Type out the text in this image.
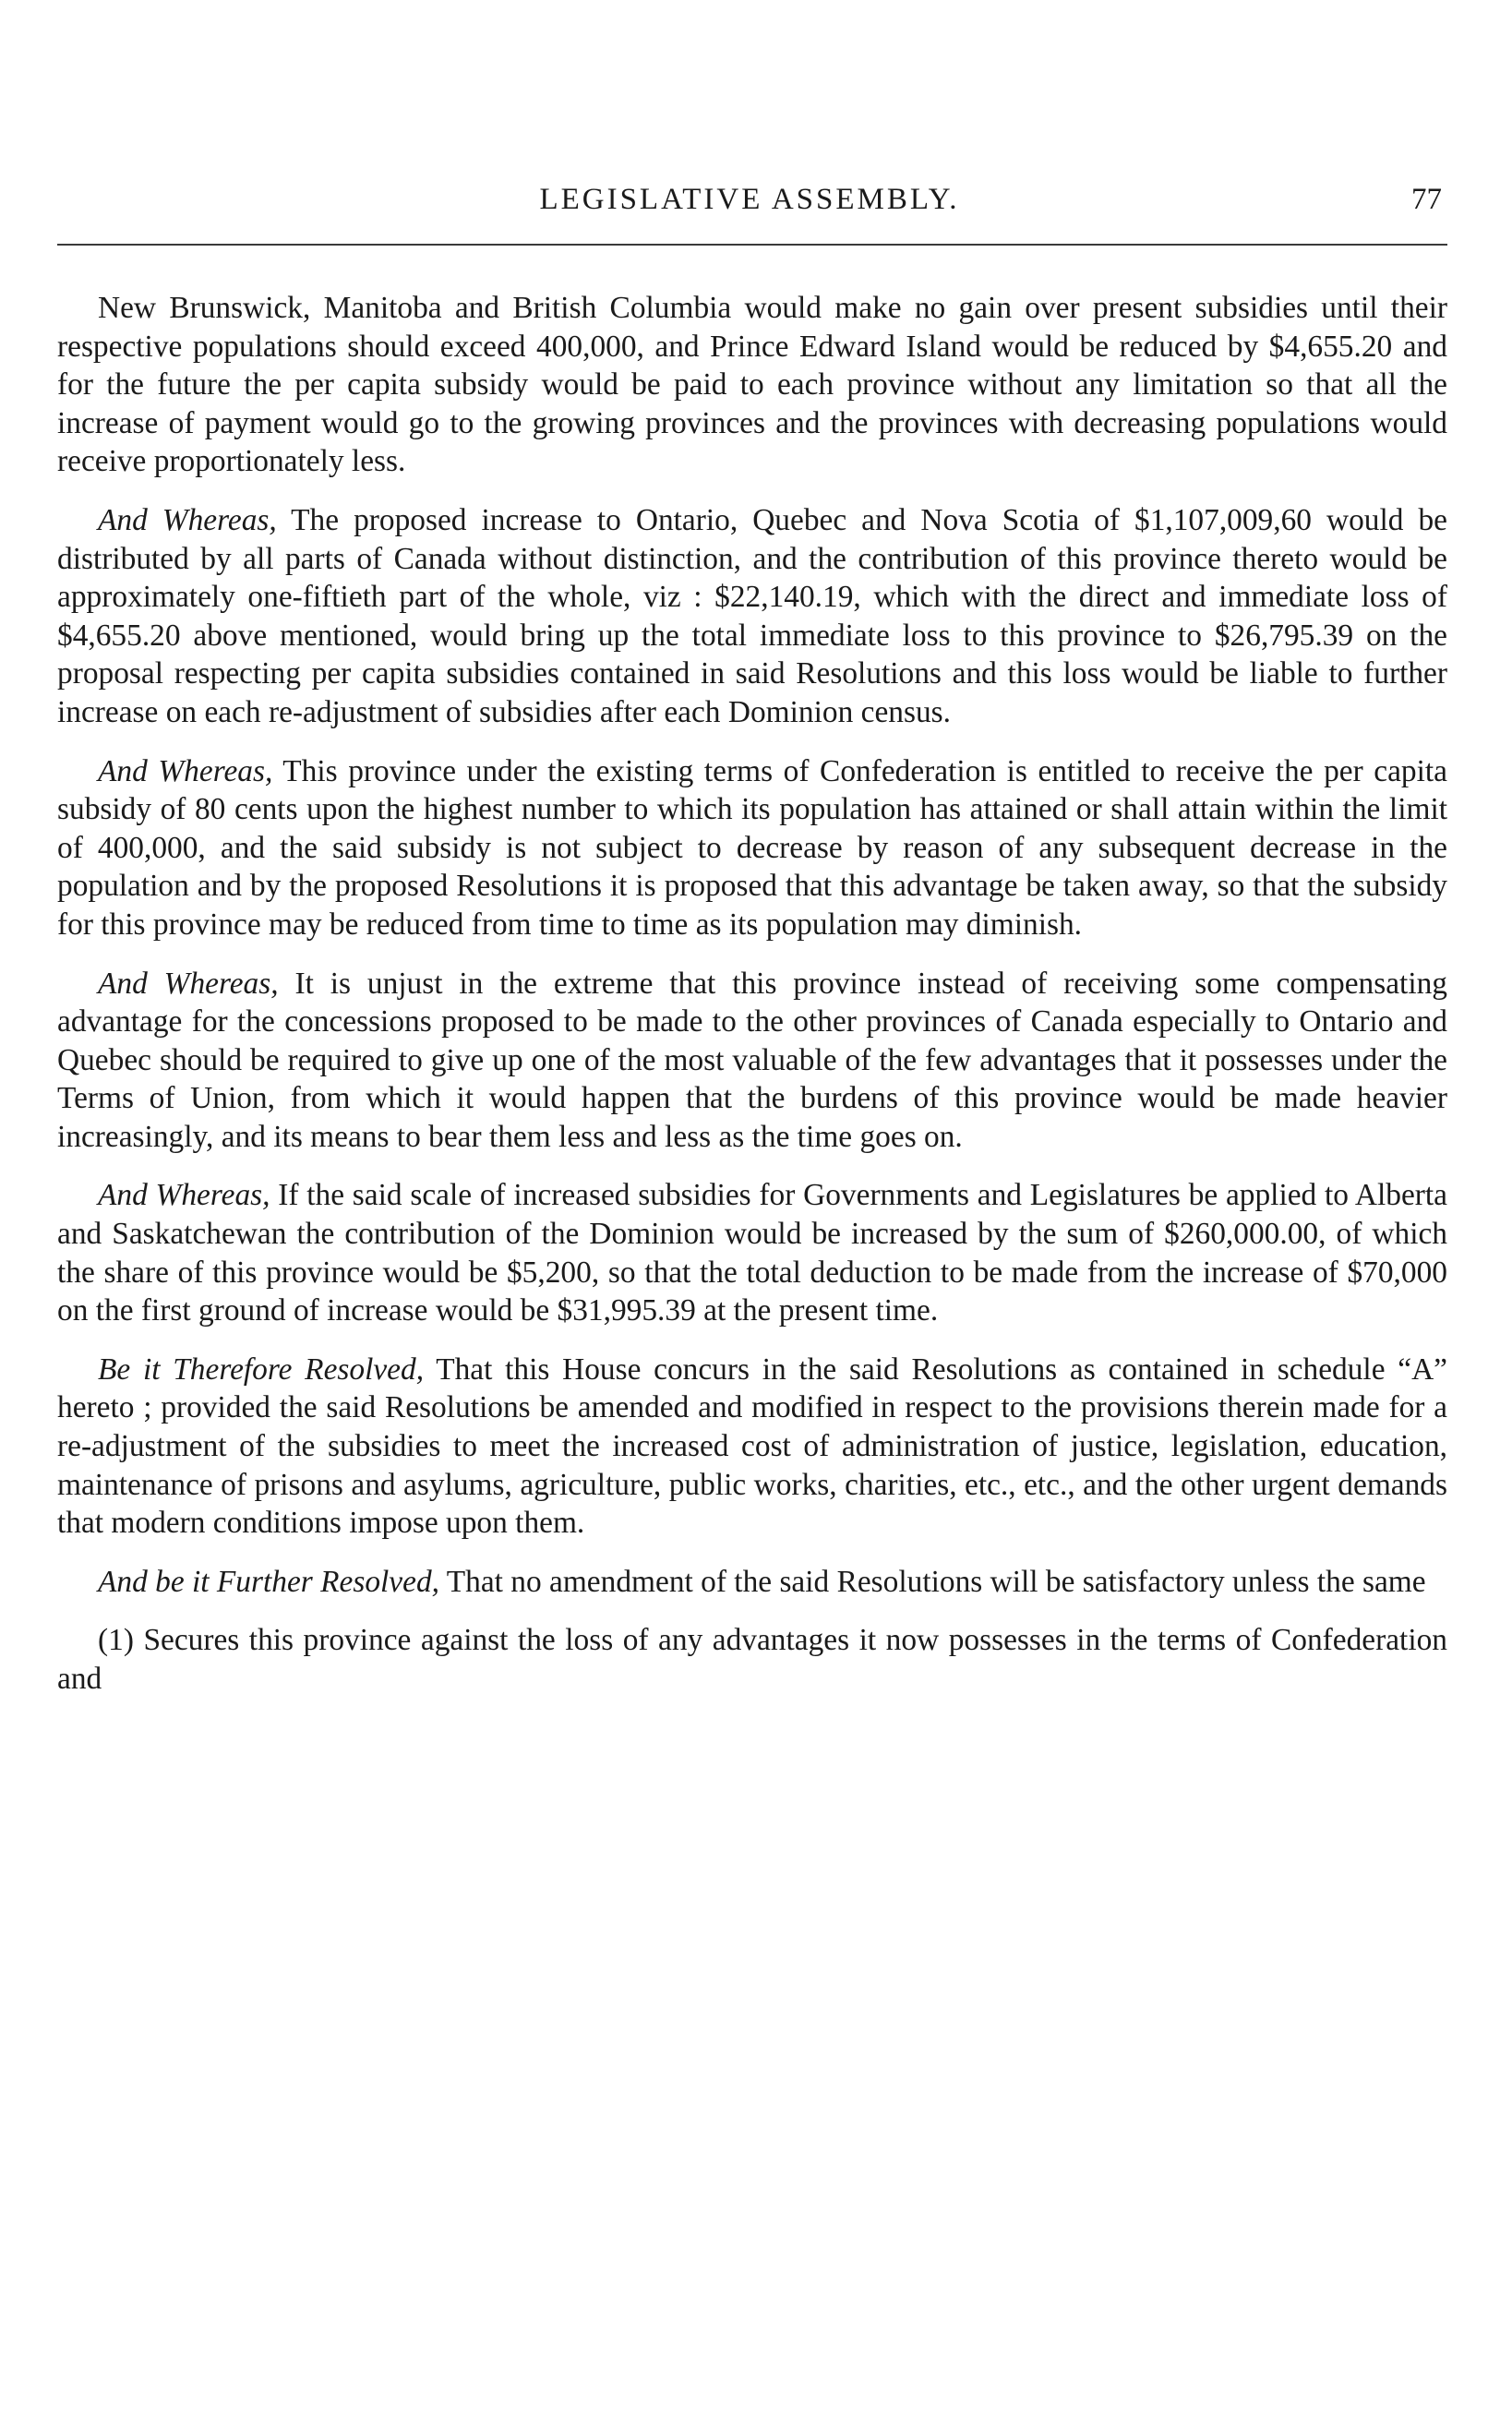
LEGISLATIVE ASSEMBLY.	77

New Brunswick, Manitoba and British Columbia would make no gain over present subsidies until their respective populations should exceed 400,000, and Prince Edward Island would be reduced by $4,655.20 and for the future the per capita subsidy would be paid to each province without any limitation so that all the increase of payment would go to the growing provinces and the provinces with decreasing populations would receive proportionately less.

And Whereas, The proposed increase to Ontario, Quebec and Nova Scotia of $1,107,009,60 would be distributed by all parts of Canada without distinction, and the contribution of this province thereto would be approximately one-fiftieth part of the whole, viz : $22,140.19, which with the direct and immediate loss of $4,655.20 above mentioned, would bring up the total immediate loss to this province to $26,795.39 on the proposal respecting per capita subsidies contained in said Resolutions and this loss would be liable to further increase on each re-adjustment of subsidies after each Dominion census.

And Whereas, This province under the existing terms of Confederation is entitled to receive the per capita subsidy of 80 cents upon the highest number to which its population has attained or shall attain within the limit of 400,000, and the said subsidy is not subject to decrease by reason of any subsequent decrease in the population and by the proposed Resolutions it is proposed that this advantage be taken away, so that the subsidy for this province may be reduced from time to time as its population may diminish.

And Whereas, It is unjust in the extreme that this province instead of receiving some compensating advantage for the concessions proposed to be made to the other provinces of Canada especially to Ontario and Quebec should be required to give up one of the most valuable of the few advantages that it possesses under the Terms of Union, from which it would happen that the burdens of this province would be made heavier increasingly, and its means to bear them less and less as the time goes on.

And Whereas, If the said scale of increased subsidies for Governments and Legislatures be applied to Alberta and Saskatchewan the contribution of the Dominion would be increased by the sum of $260,000.00, of which the share of this province would be $5,200, so that the total deduction to be made from the increase of $70,000 on the first ground of increase would be $31,995.39 at the present time.

Be it Therefore Resolved, That this House concurs in the said Resolutions as contained in schedule “A” hereto ; provided the said Resolutions be amended and modified in respect to the provisions therein made for a re-adjustment of the subsidies to meet the increased cost of administration of justice, legislation, education, maintenance of prisons and asylums, agriculture, public works, charities, etc., etc., and the other urgent demands that modern conditions impose upon them.

And be it Further Resolved, That no amendment of the said Resolutions will be satisfactory unless the same

(1) Secures this province against the loss of any advantages it now possesses in the terms of Confederation and
